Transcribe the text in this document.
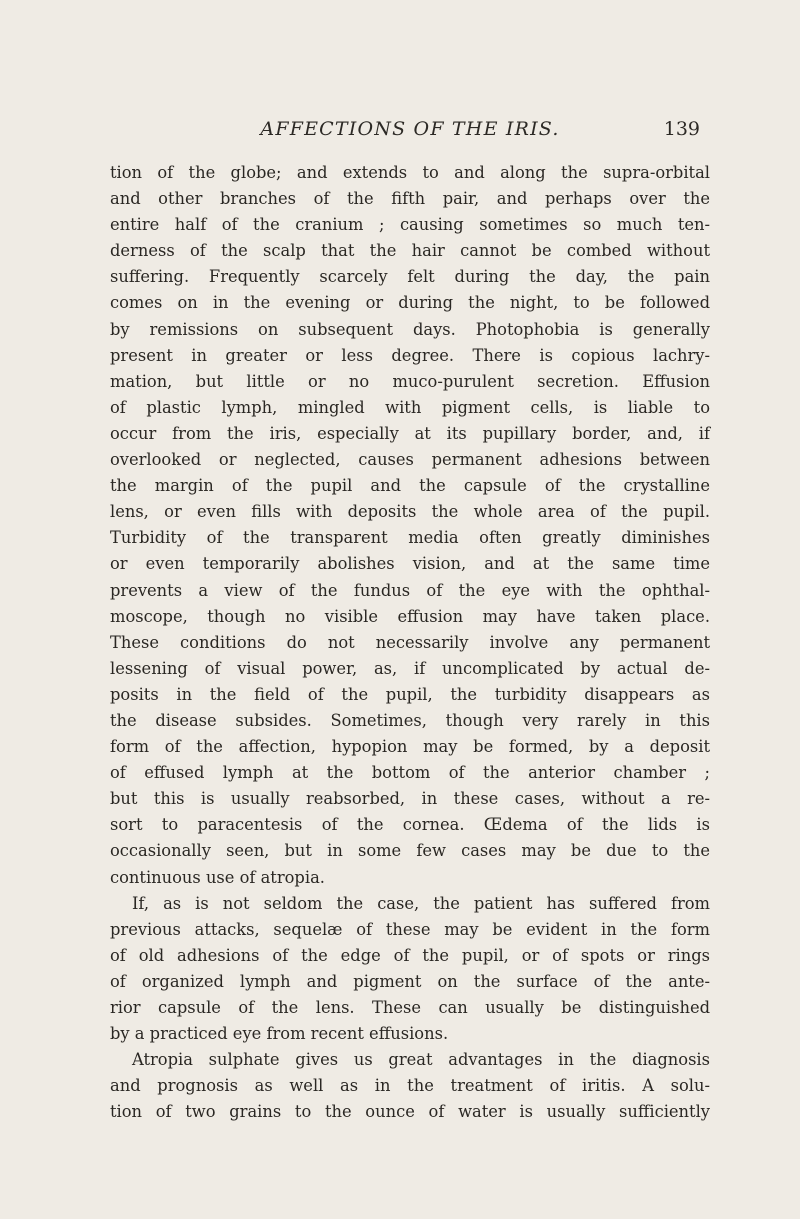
AFFECTIONS OF THE IRIS.	139
tion of the globe; and extends to and along the supra-orbital
and other branches of the fifth pair, and perhaps over the
entire half of the cranium ; causing sometimes so much ten-
derness of the scalp that the hair cannot be combed without
suffering. Frequently scarcely felt during the day, the pain
comes on in the evening or during the night, to be followed
by remissions on subsequent days. Photophobia is generally
present in greater or less degree. There is copious lachry-
mation, but little or no muco-purulent secretion. Effusion
of plastic lymph, mingled with pigment cells, is liable to
occur from the iris, especially at its pupillary border, and, if
overlooked or neglected, causes permanent adhesions between
the margin of the pupil and the capsule of the crystalline
lens, or even fills with deposits the whole area of the pupil.
Turbidity of the transparent media often greatly diminishes
or even temporarily abolishes vision, and at the same time
prevents a view of the fundus of the eye with the ophthal-
moscope, though no visible effusion may have taken place.
These conditions do not necessarily involve any permanent
lessening of visual power, as, if uncomplicated by actual de-
posits in the field of the pupil, the turbidity disappears as
the disease subsides. Sometimes, though very rarely in this
form of the affection, hypopion may be formed, by a deposit
of effused lymph at the bottom of the anterior chamber ;
but this is usually reabsorbed, in these cases, without a re-
sort to paracentesis of the cornea. Œdema of the lids is
occasionally seen, but in some few cases may be due to the
continuous use of atropia.
If, as is not seldom the case, the patient has suffered from
previous attacks, sequelæ of these may be evident in the form
of old adhesions of the edge of the pupil, or of spots or rings
of organized lymph and pigment on the surface of the ante-
rior capsule of the lens. These can usually be distinguished
by a practiced eye from recent effusions.
Atropia sulphate gives us great advantages in the diagnosis
and prognosis as well as in the treatment of iritis. A solu-
tion of two grains to the ounce of water is usually sufficiently
